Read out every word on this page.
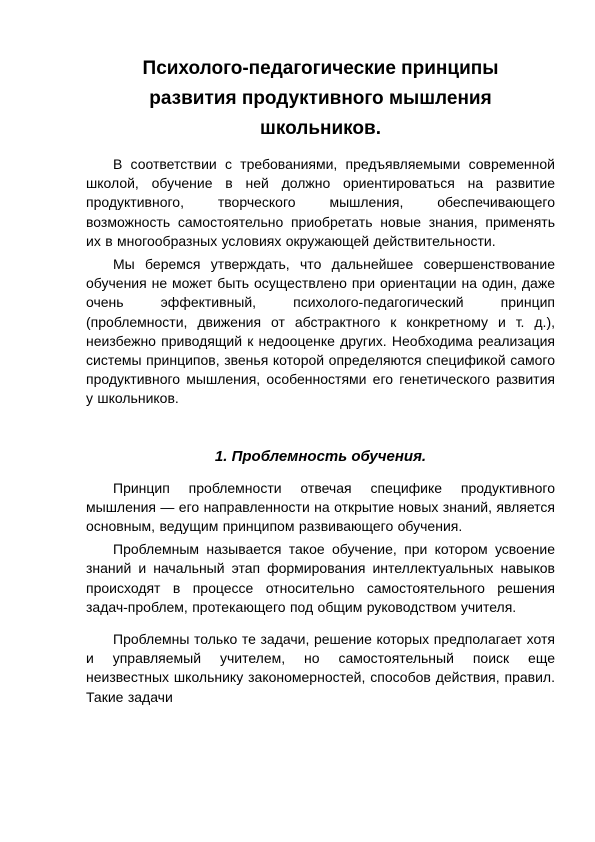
Психолого-педагогические принципы
развития продуктивного мышления
школьников.

В соответствии с требованиями, предъявляемыми современной школой, обучение в ней должно ориентироваться на развитие продуктивного, творческого мышления, обеспечивающего возможность самостоятельно приобретать новые знания, применять их в многообразных условиях окружающей действительности.

Мы беремся утверждать, что дальнейшее совершенствование обучения не может быть осуществлено при ориентации на один, даже очень эффективный, психолого-педагогический принцип (проблемности, движения от абстрактного к конкретному и т. д.), неизбежно приводящий к недооценке других. Необходима реализация системы принципов, звенья которой определяются спецификой самого продуктивного мышления, особенностями его генетического развития у школьников.

1. Проблемность обучения.

Принцип проблемности отвечая специфике продуктивного мышления — его направленности на открытие новых знаний, является основным, ведущим принципом развивающего обучения.

Проблемным называется такое обучение, при котором усвоение знаний и начальный этап формирования интеллектуальных навыков происходят в процессе относительно самостоятельного решения задач-проблем, протекающего под общим руководством учителя.

Проблемны только те задачи, решение которых предполагает хотя и управляемый учителем, но самостоятельный поиск еще неизвестных школьнику закономерностей, способов действия, правил. Такие задачи
